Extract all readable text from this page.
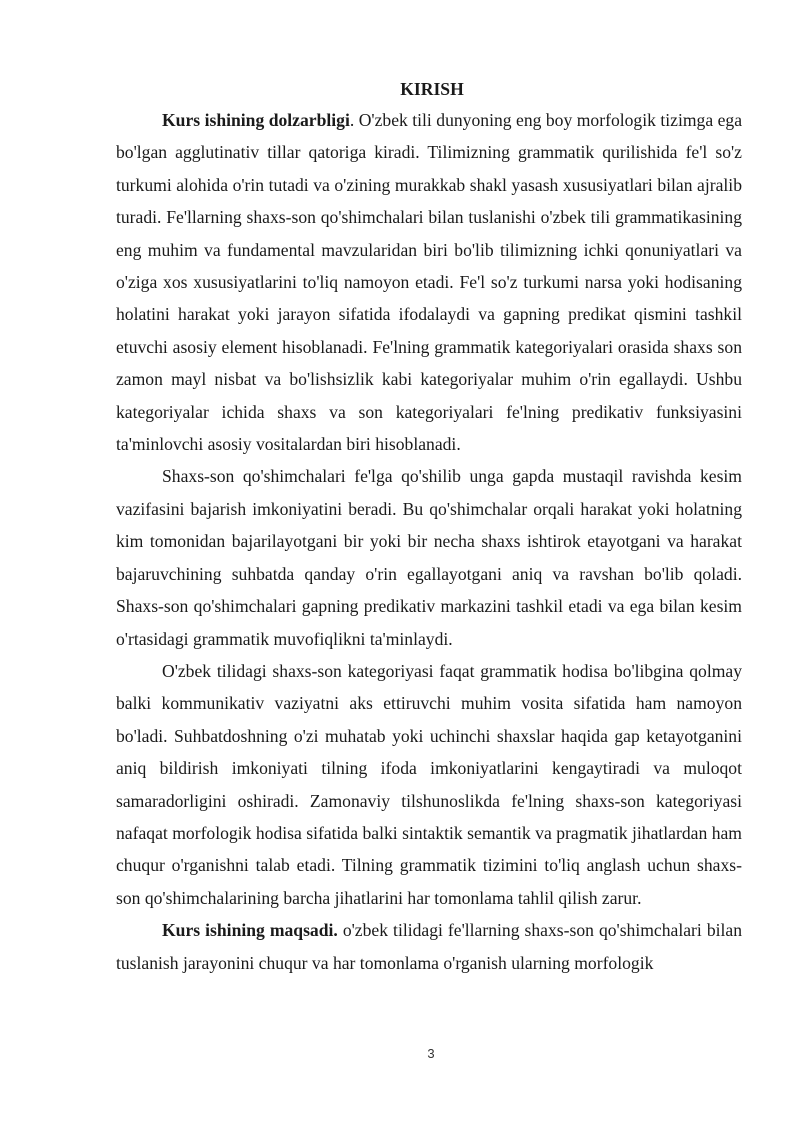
KIRISH

Kurs ishining dolzarbligi. O'zbek tili dunyoning eng boy morfologik tizimga ega bo'lgan agglutinativ tillar qatoriga kiradi. Tilimizning grammatik qurilishida fe'l so'z turkumi alohida o'rin tutadi va o'zining murakkab shakl yasash xususiyatlari bilan ajralib turadi. Fe'llarning shaxs-son qo'shimchalari bilan tuslanishi o'zbek tili grammatikasining eng muhim va fundamental mavzularidan biri bo'lib tilimizning ichki qonuniyatlari va o'ziga xos xususiyatlarini to'liq namoyon etadi. Fe'l so'z turkumi narsa yoki hodisaning holatini harakat yoki jarayon sifatida ifodalaydi va gapning predikat qismini tashkil etuvchi asosiy element hisoblanadi. Fe'lning grammatik kategoriyalari orasida shaxs son zamon mayl nisbat va bo'lishsizlik kabi kategoriyalar muhim o'rin egallaydi. Ushbu kategoriyalar ichida shaxs va son kategoriyalari fe'lning predikativ funksiyasini ta'minlovchi asosiy vositalardan biri hisoblanadi.

Shaxs-son qo'shimchalari fe'lga qo'shilib unga gapda mustaqil ravishda kesim vazifasini bajarish imkoniyatini beradi. Bu qo'shimchalar orqali harakat yoki holatning kim tomonidan bajarilayotgani bir yoki bir necha shaxs ishtirok etayotgani va harakat bajaruvchining suhbatda qanday o'rin egallayotgani aniq va ravshan bo'lib qoladi. Shaxs-son qo'shimchalari gapning predikativ markazini tashkil etadi va ega bilan kesim o'rtasidagi grammatik muvofiqlikni ta'minlaydi.

O'zbek tilidagi shaxs-son kategoriyasi faqat grammatik hodisa bo'libgina qolmay balki kommunikativ vaziyatni aks ettiruvchi muhim vosita sifatida ham namoyon bo'ladi. Suhbatdoshning o'zi muhatab yoki uchinchi shaxslar haqida gap ketayotganini aniq bildirish imkoniyati tilning ifoda imkoniyatlarini kengaytiradi va muloqot samaradorligini oshiradi. Zamonaviy tilshunoslikda fe'lning shaxs-son kategoriyasi nafaqat morfologik hodisa sifatida balki sintaktik semantik va pragmatik jihatlardan ham chuqur o'rganishni talab etadi. Tilning grammatik tizimini to'liq anglash uchun shaxs-son qo'shimchalarining barcha jihatlarini har tomonlama tahlil qilish zarur.

Kurs ishining maqsadi. o'zbek tilidagi fe'llarning shaxs-son qo'shimchalari bilan tuslanish jarayonini chuqur va har tomonlama o'rganish ularning morfologik

3
